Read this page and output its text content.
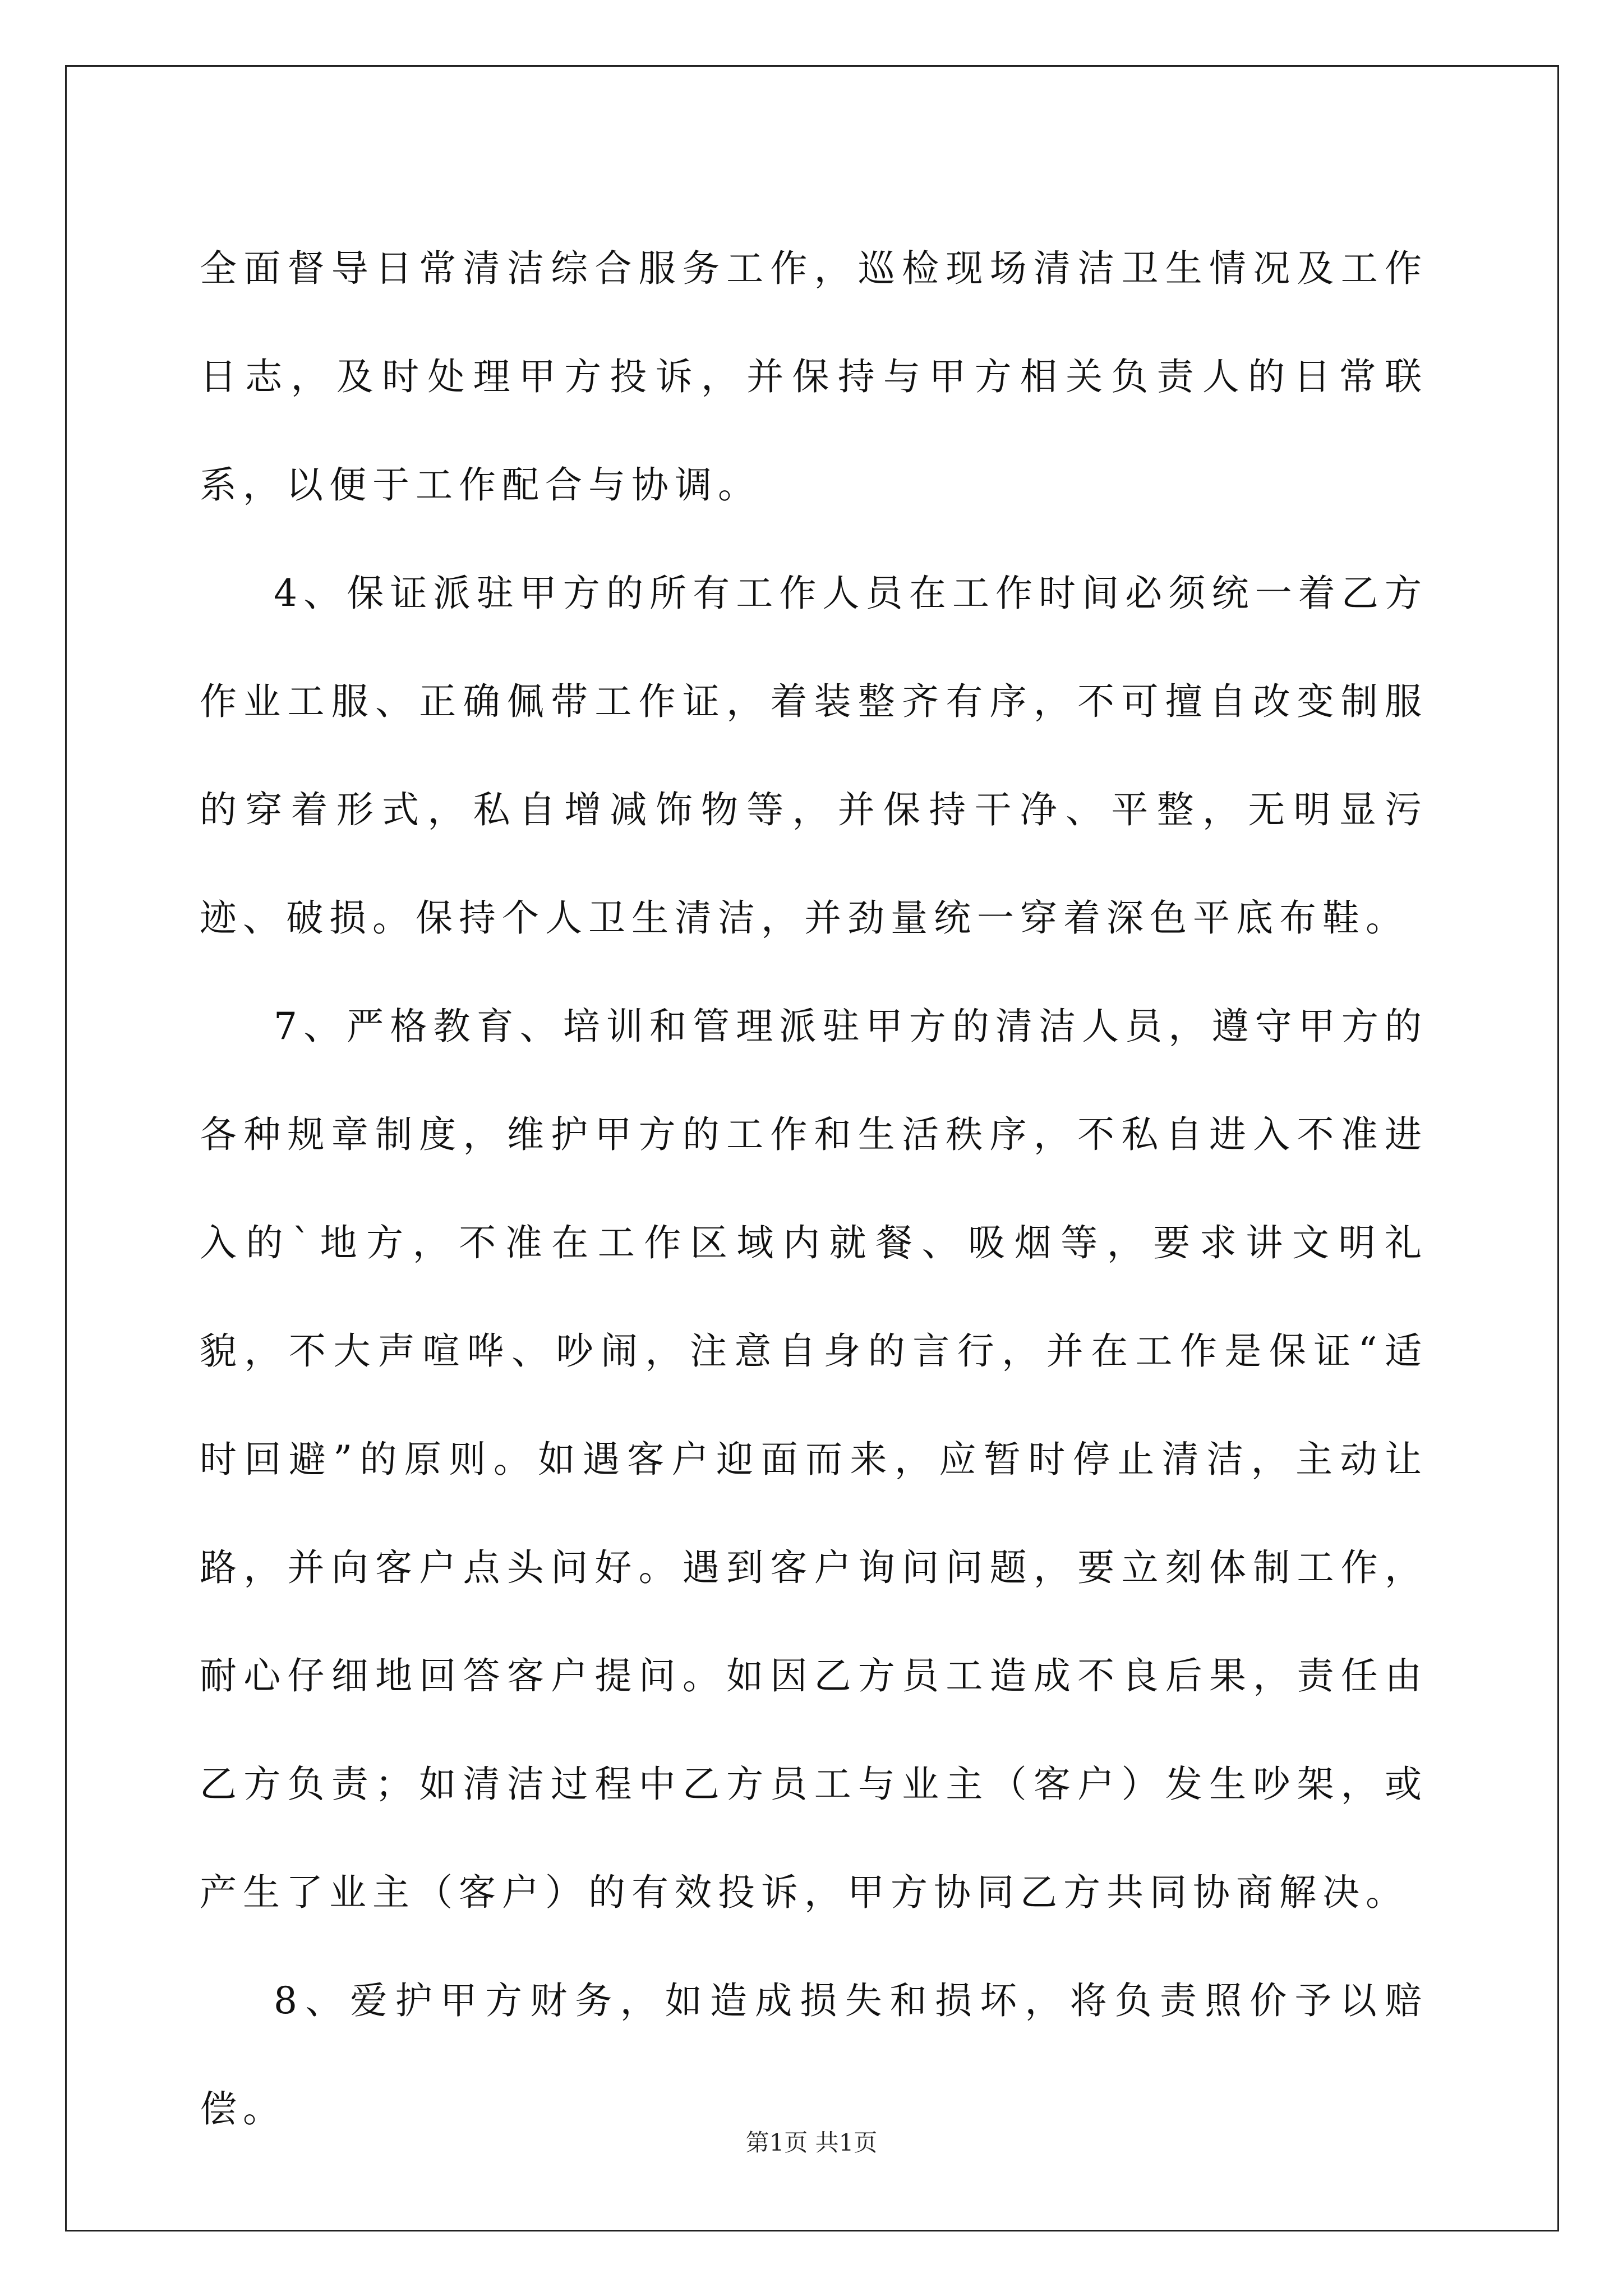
全面督导日常清洁综合服务工作，巡检现场清洁卫生情况及工作日志，及时处理甲方投诉，并保持与甲方相关负责人的日常联系，以便于工作配合与协调。

4、保证派驻甲方的所有工作人员在工作时间必须统一着乙方作业工服、正确佩带工作证，着装整齐有序，不可擅自改变制服的穿着形式，私自增减饰物等，并保持干净、平整，无明显污迹、破损。保持个人卫生清洁，并劲量统一穿着深色平底布鞋。

7、严格教育、培训和管理派驻甲方的清洁人员，遵守甲方的各种规章制度，维护甲方的工作和生活秩序，不私自进入不准进入的`地方，不准在工作区域内就餐、吸烟等，要求讲文明礼貌，不大声喧哗、吵闹，注意自身的言行，并在工作是保证“适时回避”的原则。如遇客户迎面而来，应暂时停止清洁，主动让路，并向客户点头问好。遇到客户询问问题，要立刻体制工作，耐心仔细地回答客户提问。如因乙方员工造成不良后果，责任由乙方负责；如清洁过程中乙方员工与业主（客户）发生吵架，或产生了业主（客户）的有效投诉，甲方协同乙方共同协商解决。

8、爱护甲方财务，如造成损失和损坏，将负责照价予以赔偿。

第1页 共1页
